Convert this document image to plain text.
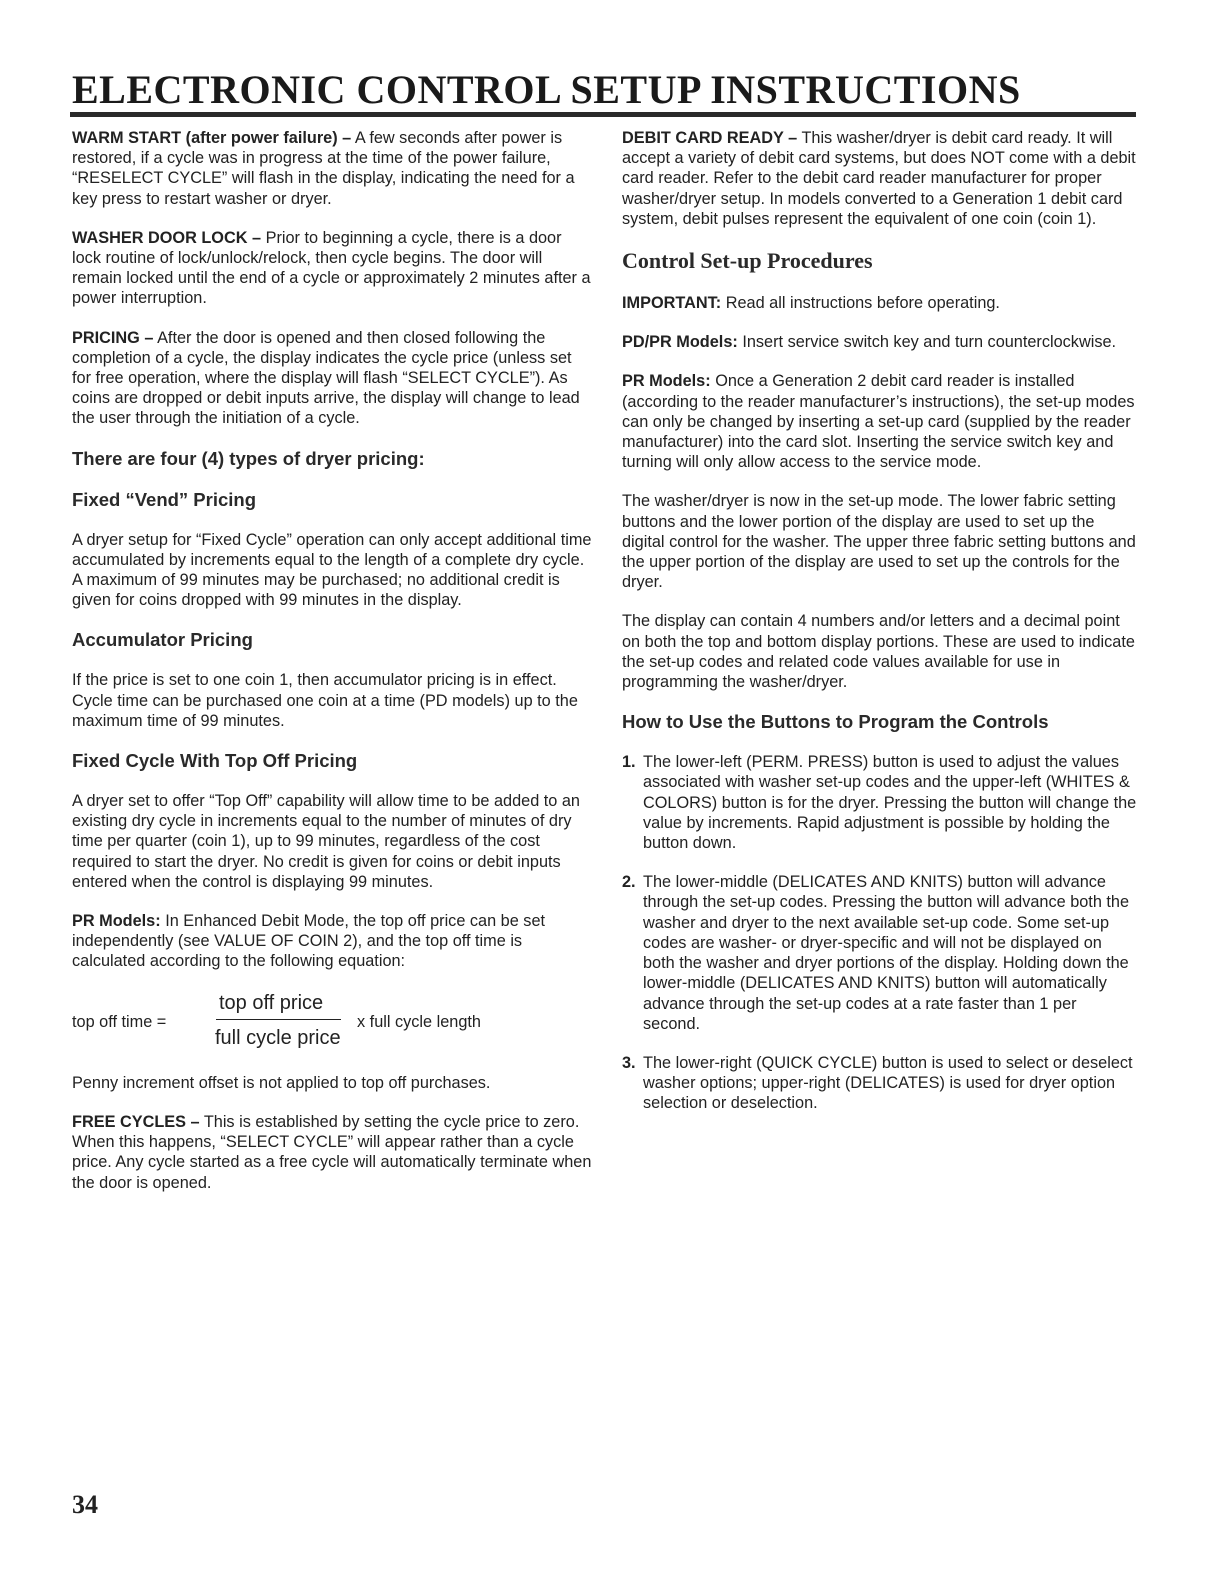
ELECTRONIC CONTROL SETUP INSTRUCTIONS

WARM START (after power failure) – A few seconds after power is restored, if a cycle was in progress at the time of the power failure, “RESELECT CYCLE” will flash in the display, indicating the need for a key press to restart washer or dryer.

WASHER DOOR LOCK – Prior to beginning a cycle, there is a door lock routine of lock/unlock/relock, then cycle begins. The door will remain locked until the end of a cycle or approximately 2 minutes after a power interruption.

PRICING – After the door is opened and then closed following the completion of a cycle, the display indicates the cycle price (unless set for free operation, where the display will flash “SELECT CYCLE”). As coins are dropped or debit inputs arrive, the display will change to lead the user through the initiation of a cycle.

There are four (4) types of dryer pricing:
Fixed “Vend” Pricing

A dryer setup for “Fixed Cycle” operation can only accept additional time accumulated by increments equal to the length of a complete dry cycle. A maximum of 99 minutes may be purchased; no additional credit is given for coins dropped with 99 minutes in the display.

Accumulator Pricing

If the price is set to one coin 1, then accumulator pricing is in effect. Cycle time can be purchased one coin at a time (PD models) up to the maximum time of 99 minutes.

Fixed Cycle With Top Off Pricing

A dryer set to offer “Top Off” capability will allow time to be added to an existing dry cycle in increments equal to the number of minutes of dry time per quarter (coin 1), up to 99 minutes, regardless of the cost required to start the dryer. No credit is given for coins or debit inputs entered when the control is displaying 99 minutes.

PR Models: In Enhanced Debit Mode, the top off price can be set independently (see VALUE OF COIN 2), and the top off time is calculated according to the following equation:

top off time =
top off price
full cycle price
x full cycle length

Penny increment offset is not applied to top off purchases.

FREE CYCLES – This is established by setting the cycle price to zero. When this happens, “SELECT CYCLE” will appear rather than a cycle price. Any cycle started as a free cycle will automatically terminate when the door is opened.

DEBIT CARD READY – This washer/dryer is debit card ready. It will accept a variety of debit card systems, but does NOT come with a debit card reader. Refer to the debit card reader manufacturer for proper washer/dryer setup. In models converted to a Generation 1 debit card system, debit pulses represent the equivalent of one coin (coin 1).

Control Set-up Procedures

IMPORTANT: Read all instructions before operating.

PD/PR Models: Insert service switch key and turn counterclockwise.

PR Models: Once a Generation 2 debit card reader is installed (according to the reader manufacturer’s instructions), the set-up modes can only be changed by inserting a set-up card (supplied by the reader manufacturer) into the card slot. Inserting the service switch key and turning will only allow access to the service mode.

The washer/dryer is now in the set-up mode. The lower fabric setting buttons and the lower portion of the display are used to set up the digital control for the washer. The upper three fabric setting buttons and the upper portion of the display are used to set up the controls for the dryer.

The display can contain 4 numbers and/or letters and a decimal point on both the top and bottom display portions. These are used to indicate the set-up codes and related code values available for use in programming the washer/dryer.

How to Use the Buttons to Program the Controls
1. The lower-left (PERM. PRESS) button is used to adjust the values associated with washer set-up codes and the upper-left (WHITES & COLORS) button is for the dryer. Pressing the button will change the value by increments. Rapid adjustment is possible by holding the button down.
2. The lower-middle (DELICATES AND KNITS) button will advance through the set-up codes. Pressing the button will advance both the washer and dryer to the next available set-up code. Some set-up codes are washer- or dryer-specific and will not be displayed on both the washer and dryer portions of the display. Holding down the lower-middle (DELICATES AND KNITS) button will automatically advance through the set-up codes at a rate faster than 1 per second.
3. The lower-right (QUICK CYCLE) button is used to select or deselect washer options; upper-right (DELICATES) is used for dryer option selection or deselection.
34
